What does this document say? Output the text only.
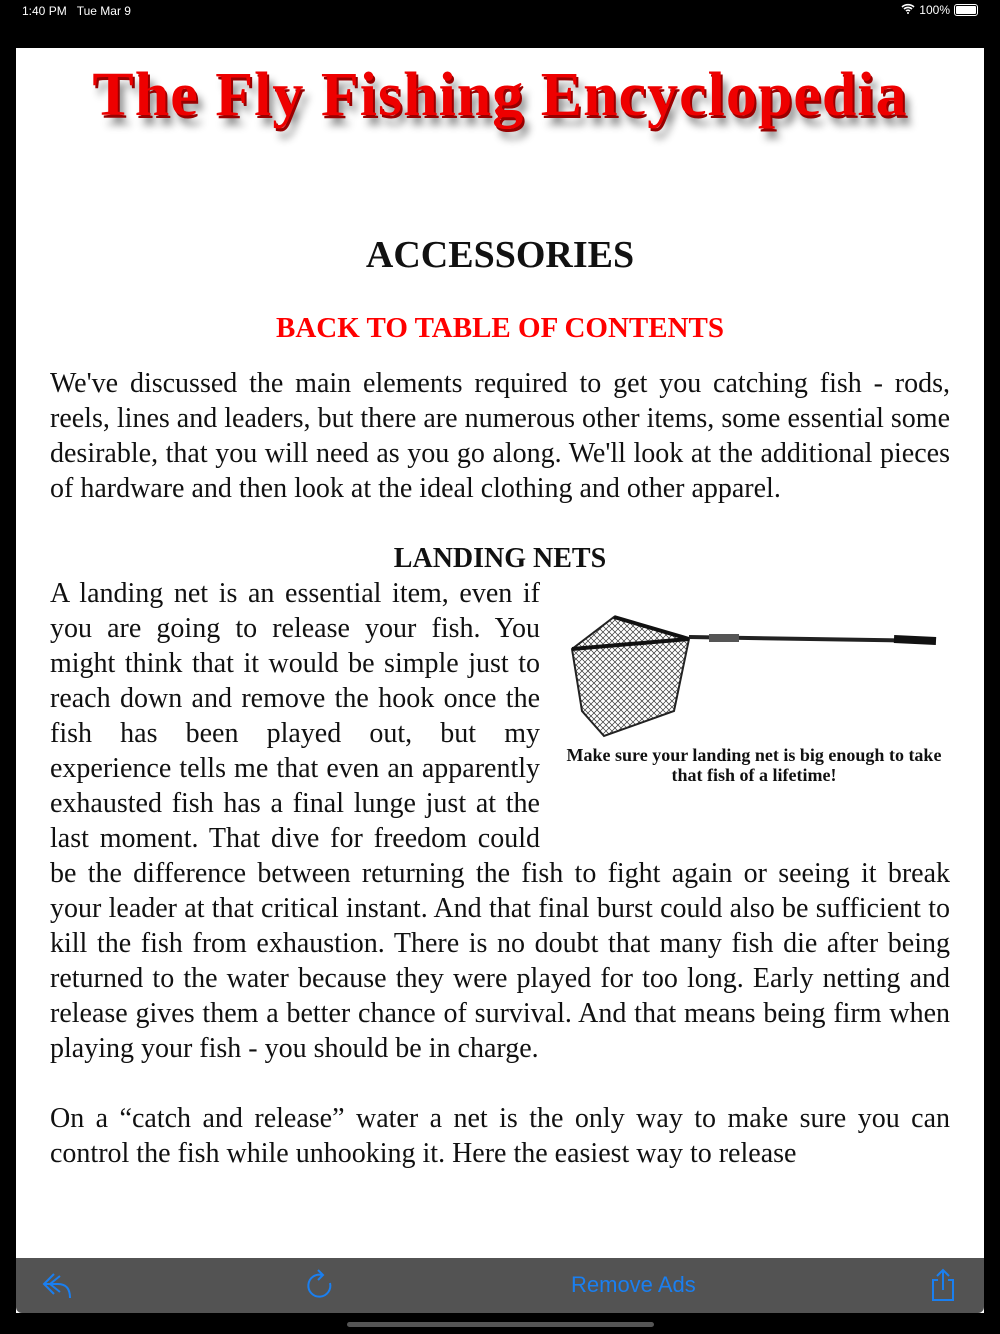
1:40 PM Tue Mar 9	100%
The Fly Fishing Encyclopedia
ACCESSORIES
BACK TO TABLE OF CONTENTS

We've discussed the main elements required to get you catching fish - rods, reels, lines and leaders, but there are numerous other items, some essential some desirable, that you will need as you go along. We'll look at the additional pieces of hardware and then look at the ideal clothing and other apparel.

LANDING NETS

Make sure your landing net is big enough to take that fish of a lifetime!
A landing net is an essential item, even if you are going to release your fish. You might think that it would be simple just to reach down and remove the hook once the fish has been played out, but my experience tells me that even an apparently exhausted fish has a final lunge just at the last moment. That dive for freedom could be the difference between returning the fish to fight again or seeing it break your leader at that critical instant. And that final burst could also be sufficient to kill the fish from exhaustion. There is no doubt that many fish die after being returned to the water because they were played for too long. Early netting and release gives them a better chance of survival. And that means being firm when playing your fish - you should be in charge.

On a “catch and release” water a net is the only way to make sure you can control the fish while unhooking it. Here the easiest way to release

Remove Ads
